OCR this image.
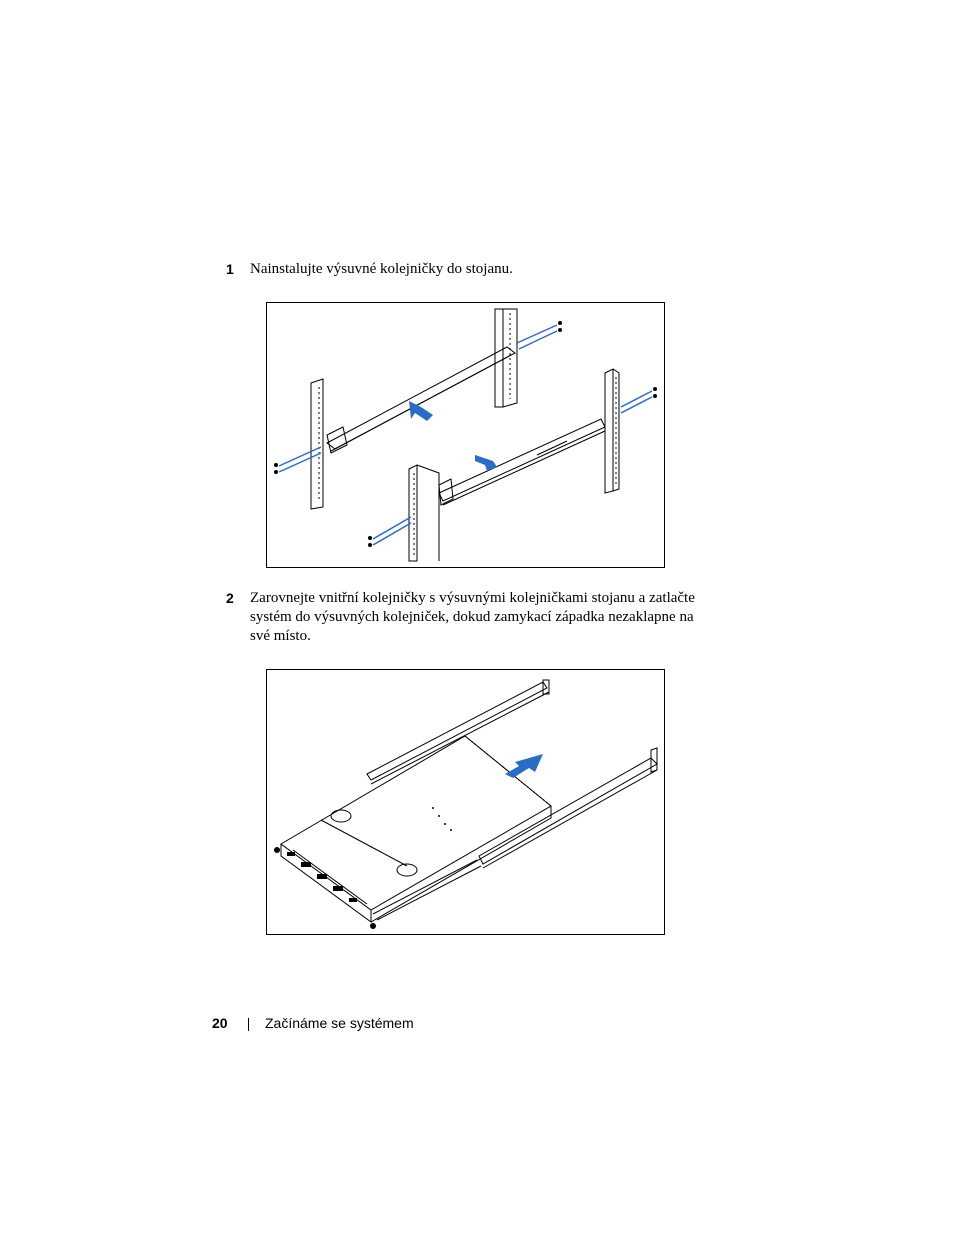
1 Nainstalujte výsuvné kolejničky do stojanu.
2 Zarovnejte vnitřní kolejničky s výsuvnými kolejničkami stojanu a zatlačte systém do výsuvných kolejniček, dokud zamykací západka nezaklapne na své místo.
20	Začínáme se systémem
